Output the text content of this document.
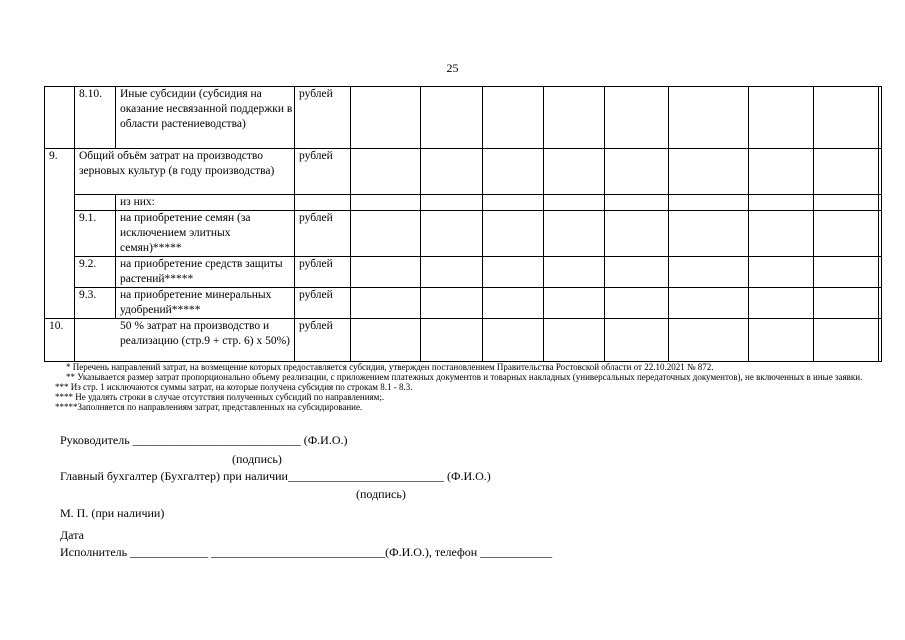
25
	8.10.	Иные субсидии (субсидия на оказание несвязанной поддержки в области растениеводства)	рублей									
9.	Общий объём затрат на производство зерновых культур (в году производства)		рублей									
		из них:										
	9.1.	на приобретение семян (за исключением элитных семян)*****	рублей									
	9.2.	на приобретение средств защиты растений*****	рублей									
	9.3.	на приобретение минеральных удобрений*****	рублей									
10.	50 % затрат на производство и реализацию (стр.9 + стр. 6) x 50%)		рублей									
* Перечень направлений затрат, на возмещение которых предоставляется субсидия, утвержден постановлением Правительства Ростовской области от 22.10.2021 № 872.
** Указывается размер затрат пропорционально объему реализации, с приложением платежных документов и товарных накладных (универсальных передаточных документов), не включенных в иные заявки.
*** Из стр. 1 исключаются суммы затрат, на которые получена субсидия по строкам 8.1 - 8.3.
**** Не удалять строки в случае отсутствия полученных субсидий по направлениям;.
*****Заполняется по направлениям затрат, представленных на субсидирование.
Руководитель ____________________________ (Ф.И.О.)
(подпись)
Главный бухгалтер (Бухгалтер) при наличии__________________________ (Ф.И.О.)
(подпись)
М. П. (при наличии)
Дата
Исполнитель _____________ _____________________________(Ф.И.О.), телефон ____________
